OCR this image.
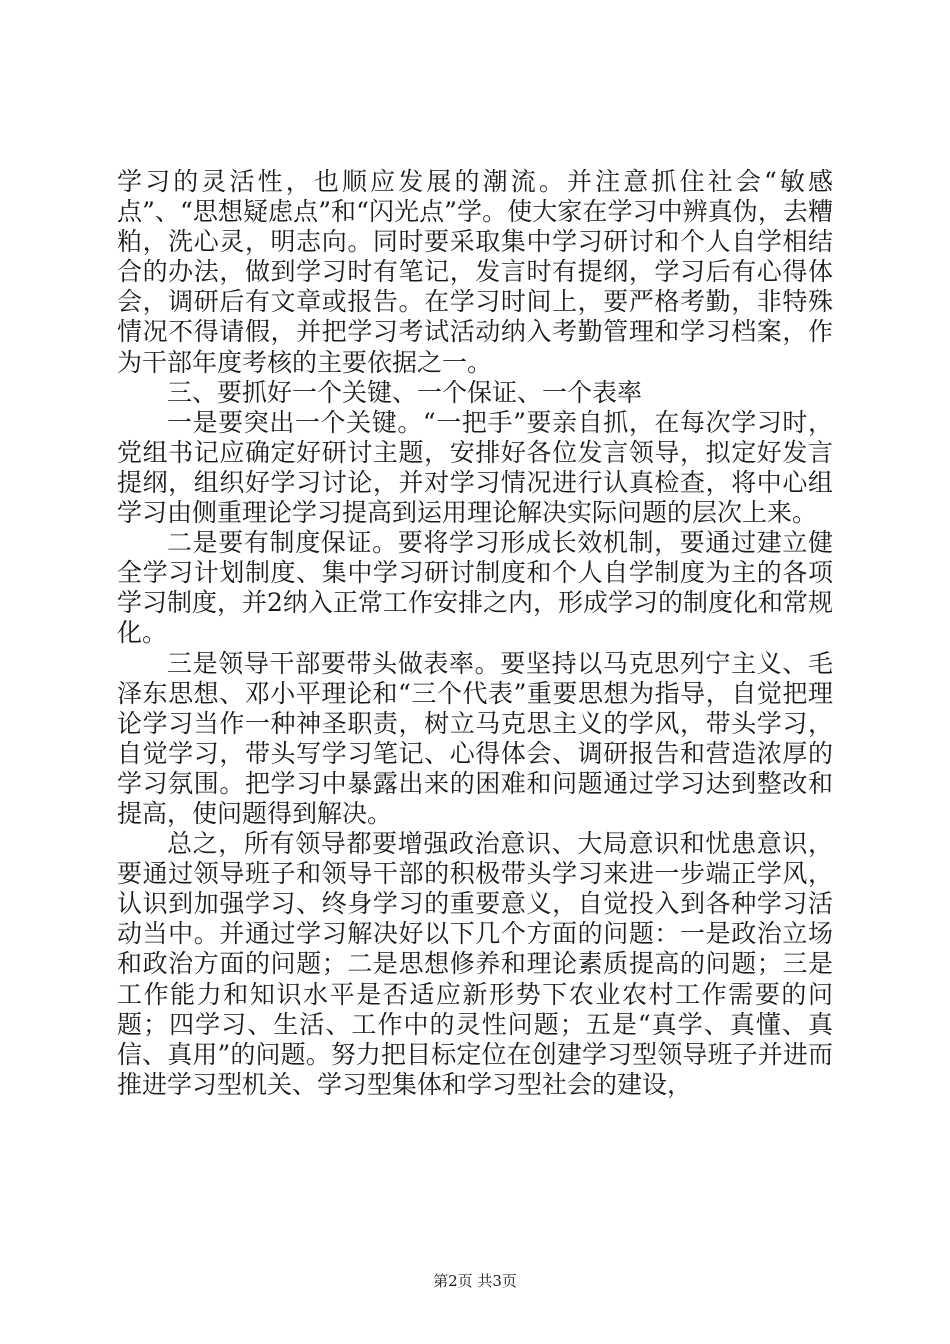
学习的灵活性，也顺应发展的潮流。并注意抓住社会“敏感点”、“思想疑虑点”和“闪光点”学。使大家在学习中辨真伪，去糟粕，洗心灵，明志向。同时要采取集中学习研讨和个人自学相结合的办法，做到学习时有笔记，发言时有提纲，学习后有心得体会，调研后有文章或报告。在学习时间上，要严格考勤，非特殊情况不得请假，并把学习考试活动纳入考勤管理和学习档案，作为干部年度考核的主要依据之一。

三、要抓好一个关键、一个保证、一个表率

一是要突出一个关键。“一把手”要亲自抓，在每次学习时，党组书记应确定好研讨主题，安排好各位发言领导，拟定好发言提纲，组织好学习讨论，并对学习情况进行认真检查，将中心组学习由侧重理论学习提高到运用理论解决实际问题的层次上来。

二是要有制度保证。要将学习形成长效机制，要通过建立健全学习计划制度、集中学习研讨制度和个人自学制度为主的各项学习制度，并2纳入正常工作安排之内，形成学习的制度化和常规化。

三是领导干部要带头做表率。要坚持以马克思列宁主义、毛泽东思想、邓小平理论和“三个代表”重要思想为指导，自觉把理论学习当作一种神圣职责，树立马克思主义的学风，带头学习，自觉学习，带头写学习笔记、心得体会、调研报告和营造浓厚的学习氛围。把学习中暴露出来的困难和问题通过学习达到整改和提高，使问题得到解决。

总之，所有领导都要增强政治意识、大局意识和忧患意识，要通过领导班子和领导干部的积极带头学习来进一步端正学风，认识到加强学习、终身学习的重要意义，自觉投入到各种学习活动当中。并通过学习解决好以下几个方面的问题：一是政治立场和政治方面的问题；二是思想修养和理论素质提高的问题；三是工作能力和知识水平是否适应新形势下农业农村工作需要的问题；四学习、生活、工作中的灵性问题；五是“真学、真懂、真信、真用”的问题。努力把目标定位在创建学习型领导班子并进而推进学习型机关、学习型集体和学习型社会的建设，

第2页 共3页
